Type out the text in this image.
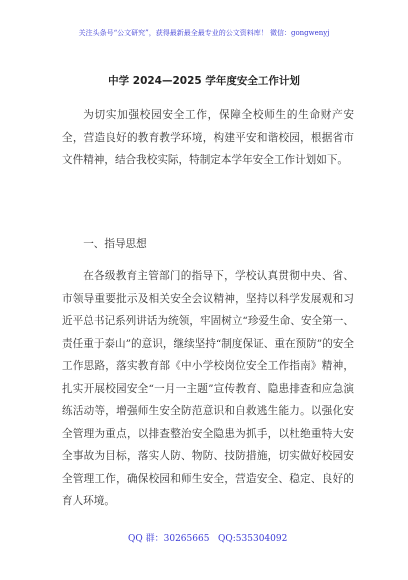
关注头条号“公文研究”，获得最新最全最专业的公文资料库！ 微信：gongwenyj
中学 2024—2025 学年度安全工作计划

为切实加强校园安全工作，保障全校师生的生命财产安全，营造良好的教育教学环境，构建平安和谐校园，根据省市文件精神，结合我校实际，特制定本学年安全工作计划如下。

一、指导思想

在各级教育主管部门的指导下，学校认真贯彻中央、省、市领导重要批示及相关安全会议精神，坚持以科学发展观和习近平总书记系列讲话为统领，牢固树立“珍爱生命、安全第一、责任重于泰山”的意识，继续坚持“制度保证、重在预防”的安全工作思路，落实教育部《中小学校岗位安全工作指南》精神，扎实开展校园安全“一月一主题”宣传教育、隐患排查和应急演练活动等，增强师生安全防范意识和自救逃生能力。以强化安全管理为重点，以排查整治安全隐患为抓手，以杜绝重特大安全事故为目标，落实人防、物防、技防措施，切实做好校园安全管理工作，确保校园和师生安全，营造安全、稳定、良好的育人环境。

QQ 群：30265665 QQ:535304092
